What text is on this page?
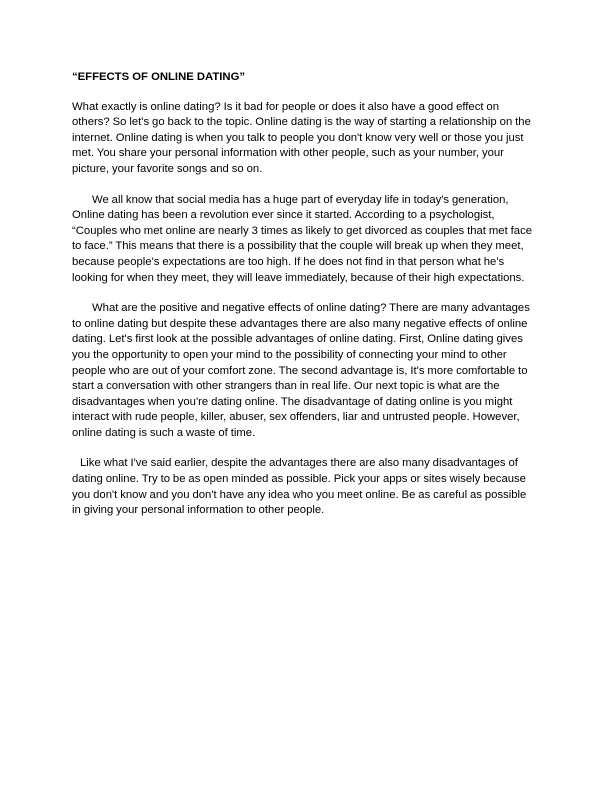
“EFFECTS OF ONLINE DATING”

What exactly is online dating? Is it bad for people or does it also have a good effect on others? So let's go back to the topic. Online dating is the way of starting a relationship on the internet. Online dating is when you talk to people you don't know very well or those you just met. You share your personal information with other people, such as your number, your picture, your favorite songs and so on.

We all know that social media has a huge part of everyday life in today's generation, Online dating has been a revolution ever since it started. According to a psychologist, “Couples who met online are nearly 3 times as likely to get divorced as couples that met face to face.” This means that there is a possibility that the couple will break up when they meet, because people's expectations are too high. If he does not find in that person what he's looking for when they meet, they will leave immediately, because of their high expectations.

What are the positive and negative effects of online dating? There are many advantages to online dating but despite these advantages there are also many negative effects of online dating. Let's first look at the possible advantages of online dating. First, Online dating gives you the opportunity to open your mind to the possibility of connecting your mind to other people who are out of your comfort zone. The second advantage is, It's more comfortable to start a conversation with other strangers than in real life. Our next topic is what are the disadvantages when you're dating online. The disadvantage of dating online is you might interact with rude people, killer, abuser, sex offenders, liar and untrusted people. However, online dating is such a waste of time.

Like what I've said earlier, despite the advantages there are also many disadvantages of dating online. Try to be as open minded as possible. Pick your apps or sites wisely because you don't know and you don't have any idea who you meet online. Be as careful as possible in giving your personal information to other people.
